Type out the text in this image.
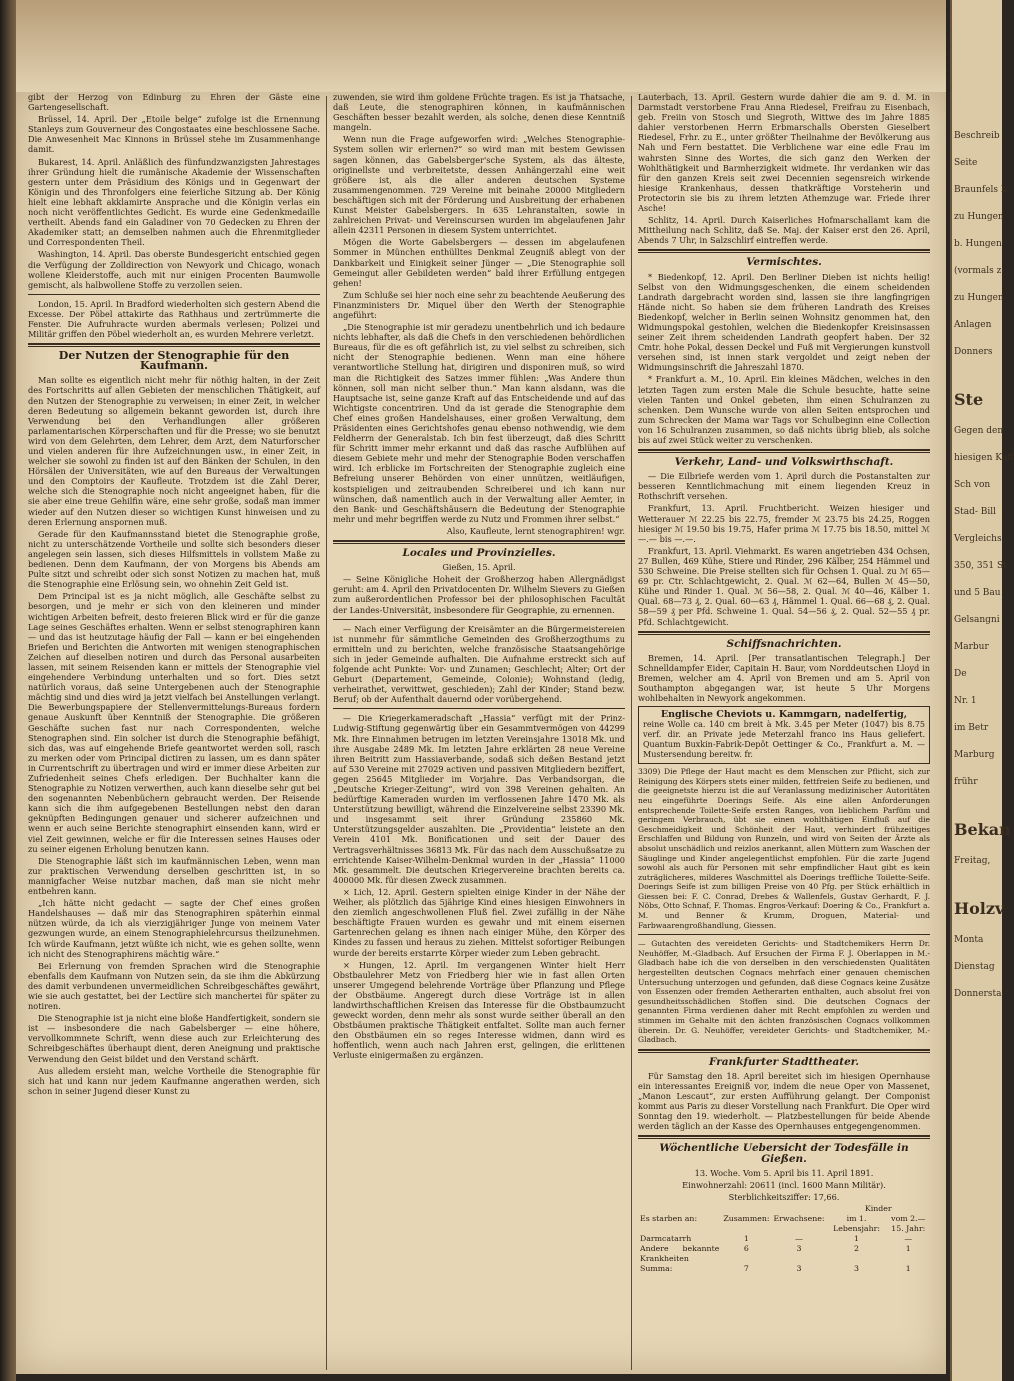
gibt der Herzog von Edinburg zu Ehren der Gäste eine Gartengesellschaft.

Brüssel, 14. April. Der „Etoile belge“ zufolge ist die Ernennung Stanleys zum Gouverneur des Congostaates eine beschlossene Sache. Die Anwesenheit Mac Kinnons in Brüssel stehe im Zusammenhange damit.

Bukarest, 14. April. Anläßlich des fünfundzwanzigsten Jahrestages ihrer Gründung hielt die rumänische Akademie der Wissenschaften gestern unter dem Präsidium des Königs und in Gegenwart der Königin und des Thronfolgers eine feierliche Sitzung ab. Der König hielt eine lebhaft akklamirte Ansprache und die Königin verlas ein noch nicht veröffentlichtes Gedicht. Es wurde eine Gedenkmedaille vertheilt. Abends fand ein Galadiner von 70 Gedecken zu Ehren der Akademiker statt; an demselben nahmen auch die Ehrenmitglieder und Correspondenten Theil.

Washington, 14. April. Das oberste Bundesgericht entschied gegen die Verfügung der Zolldirection von Newyork und Chicago, wonach wollene Kleiderstoffe, auch mit nur einigen Procenten Baumwolle gemischt, als halbwollene Stoffe zu verzollen seien.

London, 15. April. In Bradford wiederholten sich gestern Abend die Excesse. Der Pöbel attakirte das Rathhaus und zertrümmerte die Fenster. Die Aufruhracte wurden abermals verlesen; Polizei und Militär griffen den Pöbel wiederholt an, es wurden Mehrere verletzt.

Der Nutzen der Stenographie für den Kaufmann.

Man sollte es eigentlich nicht mehr für nöthig halten, in der Zeit des Fortschritts auf allen Gebieten der menschlichen Thätigkeit, auf den Nutzen der Stenographie zu verweisen; in einer Zeit, in welcher deren Bedeutung so allgemein bekannt geworden ist, durch ihre Verwendung bei den Verhandlungen aller größeren parlamentarischen Körperschaften und für die Presse; wo sie benutzt wird von dem Gelehrten, dem Lehrer, dem Arzt, dem Naturforscher und vielen anderen für ihre Aufzeichnungen usw., in einer Zeit, in welcher sie sowohl zu finden ist auf den Bänken der Schulen, in den Hörsälen der Universitäten, wie auf den Bureaus der Verwaltungen und den Comptoirs der Kaufleute. Trotzdem ist die Zahl Derer, welche sich die Stenographie noch nicht angeeignet haben, für die sie aber eine treue Gehilfin wäre, eine sehr große, sodaß man immer wieder auf den Nutzen dieser so wichtigen Kunst hinweisen und zu deren Erlernung anspornen muß.

Gerade für den Kaufmannsstand bietet die Stenographie große, nicht zu unterschätzende Vortheile und sollte sich besonders dieser angelegen sein lassen, sich dieses Hilfsmittels in vollstem Maße zu bedienen. Denn dem Kaufmann, der von Morgens bis Abends am Pulte sitzt und schreibt oder sich sonst Notizen zu machen hat, muß die Stenographie eine Erlösung sein, wo ohnehin Zeit Geld ist.

Dem Principal ist es ja nicht möglich, alle Geschäfte selbst zu besorgen, und je mehr er sich von den kleineren und minder wichtigen Arbeiten befreit, desto freieren Blick wird er für die ganze Lage seines Geschäftes erhalten. Wenn er selbst stenographiren kann — und das ist heutzutage häufig der Fall — kann er bei eingehenden Briefen und Berichten die Antworten mit wenigen stenographischen Zeichen auf dieselben notiren und durch das Personal ausarbeiten lassen, mit seinem Reisenden kann er mittels der Stenographie viel eingehendere Verbindung unterhalten und so fort. Dies setzt natürlich voraus, daß seine Untergebenen auch der Stenographie mächtig sind und dies wird ja jetzt vielfach bei Anstellungen verlangt. Die Bewerbungspapiere der Stellenvermittelungs-Bureaus fordern genaue Auskunft über Kenntniß der Stenographie. Die größeren Geschäfte suchen fast nur nach Correspondenten, welche Stenographen sind. Ein solcher ist durch die Stenographie befähigt, sich das, was auf eingehende Briefe geantwortet werden soll, rasch zu merken oder vom Principal dictiren zu lassen, um es dann später in Currentschrift zu übertragen und wird er immer diese Arbeiten zur Zufriedenheit seines Chefs erledigen. Der Buchhalter kann die Stenographie zu Notizen verwerthen, auch kann dieselbe sehr gut bei den sogenannten Nebenbüchern gebraucht werden. Der Reisende kann sich die ihm aufgegebenen Bestellungen nebst den daran geknüpften Bedingungen genauer und sicherer aufzeichnen und wenn er auch seine Berichte stenographirt einsenden kann, wird er viel Zeit gewinnen, welche er für die Interessen seines Hauses oder zu seiner eigenen Erholung benutzen kann.

Die Stenographie läßt sich im kaufmännischen Leben, wenn man zur praktischen Verwendung derselben geschritten ist, in so mannigfacher Weise nutzbar machen, daß man sie nicht mehr entbehren kann.

„Ich hätte nicht gedacht — sagte der Chef eines großen Handelshauses — daß mir das Stenographiren späterhin einmal nützen würde, da ich als vierzigjähriger Junge von meinem Vater gezwungen wurde, an einem Stenographielehrcursus theilzunehmen. Ich würde Kaufmann, jetzt wüßte ich nicht, wie es gehen sollte, wenn ich nicht des Stenographirens mächtig wäre.“

Bei Erlernung von fremden Sprachen wird die Stenographie ebenfalls dem Kaufmann von Nutzen sein, da sie ihm die Abkürzung des damit verbundenen unvermeidlichen Schreibgeschäftes gewährt, wie sie auch gestattet, bei der Lectüre sich manchertei für später zu notiren.

Die Stenographie ist ja nicht eine bloße Handfertigkeit, sondern sie ist — insbesondere die nach Gabelsberger — eine höhere, vervollkommnete Schrift, wenn diese auch zur Erleichterung des Schreibgeschäftes überhaupt dient, deren Aneignung und praktische Verwendung den Geist bildet und den Verstand schärft.

Aus alledem ersieht man, welche Vortheile die Stenographie für sich hat und kann nur jedem Kaufmanne angerathen werden, sich schon in seiner Jugend dieser Kunst zu

zuwenden, sie wird ihm goldene Früchte tragen. Es ist ja Thatsache, daß Leute, die stenographiren können, in kaufmännischen Geschäften besser bezahlt werden, als solche, denen diese Kenntniß mangeln.

Wenn nun die Frage aufgeworfen wird: „Welches Stenographie-System sollen wir erlernen?“ so wird man mit bestem Gewissen sagen können, das Gabelsberger'sche System, als das älteste, originellste und verbreitetste, dessen Anhängerzahl eine weit größere ist, als die aller anderen deutschen Systeme zusammengenommen. 729 Vereine mit beinahe 20000 Mitgliedern beschäftigen sich mit der Förderung und Ausbreitung der erhabenen Kunst Meister Gabelsbergers. In 635 Lehranstalten, sowie in zahlreichen Privat- und Vereinscursen wurden im abgelaufenen Jahr allein 42311 Personen in diesem System unterrichtet.

Mögen die Worte Gabelsbergers — dessen im abgelaufenen Sommer in München enthülltes Denkmal Zeugniß ablegt von der Dankbarkeit und Einigkeit seiner Jünger — „Die Stenographie soll Gemeingut aller Gebildeten werden“ bald ihrer Erfüllung entgegen gehen!

Zum Schluße sei hier noch eine sehr zu beachtende Aeußerung des Finanzministers Dr. Miquel über den Werth der Stenographie angeführt:

„Die Stenographie ist mir geradezu unentbehrlich und ich bedaure nichts lebhafter, als daß die Chefs in den verschiedenen behördlichen Bureaus, für die es oft gefährlich ist, zu viel selbst zu schreiben, sich nicht der Stenographie bedienen. Wenn man eine höhere verantwortliche Stellung hat, dirigiren und disponiren muß, so wird man die Richtigkeit des Satzes immer fühlen: „Was Andere thun können, soll man nicht selber thun.“ Man kann alsdann, was die Hauptsache ist, seine ganze Kraft auf das Entscheidende und auf das Wichtigste concentriren. Und da ist gerade die Stenographie dem Chef eines großen Handelshauses, einer großen Verwaltung, dem Präsidenten eines Gerichtshofes genau ebenso nothwendig, wie dem Feldherrn der Generalstab. Ich bin fest überzeugt, daß dies Schritt für Schritt immer mehr erkannt und daß das rasche Aufblühen auf diesem Gebiete mehr und mehr der Stenographie Boden verschaffen wird. Ich erblicke im Fortschreiten der Stenographie zugleich eine Befreiung unserer Behörden von einer unnützen, weitläufigen, kostspieligen und zeitraubenden Schreiberei und ich kann nur wünschen, daß namentlich auch in der Verwaltung aller Aemter, in den Bank- und Geschäftshäusern die Bedeutung der Stenographie mehr und mehr begriffen werde zu Nutz und Frommen ihrer selbst.“

Also, Kaufleute, lernt stenographiren! wgr.

Locales und Provinzielles.
Gießen, 15. April.

— Seine Königliche Hoheit der Großherzog haben Allergnädigst geruht: am 4. April den Privatdocenten Dr. Wilhelm Sievers zu Gießen zum außerordentlichen Professor bei der philosophischen Facultät der Landes-Universität, insbesondere für Geographie, zu ernennen.

— Nach einer Verfügung der Kreisämter an die Bürgermeistereien ist nunmehr für sämmtliche Gemeinden des Großherzogthums zu ermitteln und zu berichten, welche französische Staatsangehörige sich in jeder Gemeinde aufhalten. Die Aufnahme erstreckt sich auf folgende acht Punkte: Vor- und Zunamen; Geschlecht; Alter; Ort der Geburt (Departement, Gemeinde, Colonie); Wohnstand (ledig, verheirathet, verwittwet, geschieden); Zahl der Kinder; Stand bezw. Beruf; ob der Aufenthalt dauernd oder vorübergehend.

— Die Kriegerkameradschaft „Hassia“ verfügt mit der Prinz-Ludwig-Stiftung gegenwärtig über ein Gesammtvermögen von 44299 Mk. Ihre Einnahmen betrugen im letzten Vereinsjahre 13018 Mk. und ihre Ausgabe 2489 Mk. Im letzten Jahre erklärten 28 neue Vereine ihren Beitritt zum Hassiaverbande, sodaß sich deßen Bestand jetzt auf 530 Vereine mit 27029 activen und passiven Mitgliedern beziffert, gegen 25645 Mitglieder im Vorjahre. Das Verbandsorgan, die „Deutsche Krieger-Zeitung“, wird von 398 Vereinen gehalten. An bedürftige Kameraden wurden im verflossenen Jahre 1470 Mk. als Unterstützung bewilligt, während die Einzelvereine selbst 23390 Mk. und insgesammt seit ihrer Gründung 235860 Mk. Unterstützungsgelder auszahlten. Die „Providentia“ leistete an den Verein 4101 Mk. Bonificationen und seit der Dauer des Vertragsverhältnisses 36813 Mk. Für das nach dem Ausschußsatze zu errichtende Kaiser-Wilhelm-Denkmal wurden in der „Hassia“ 11000 Mk. gesammelt. Die deutschen Kriegervereine brachten bereits ca. 400000 Mk. für diesen Zweck zusammen.

× Lich, 12. April. Gestern spielten einige Kinder in der Nähe der Weiher, als plötzlich das 5jährige Kind eines hiesigen Einwohners in den ziemlich angeschwollenen Fluß fiel. Zwei zufällig in der Nähe beschäftigte Frauen wurden es gewahr und mit einem eisernen Gartenrechen gelang es ihnen nach einiger Mühe, den Körper des Kindes zu fassen und heraus zu ziehen. Mittelst sofortiger Reibungen wurde der bereits erstarrte Körper wieder zum Leben gebracht.

× Hungen, 12. April. Im vergangenen Winter hielt Herr Obstbaulehrer Metz von Friedberg hier wie in fast allen Orten unserer Umgegend belehrende Vorträge über Pflanzung und Pflege der Obstbäume. Angeregt durch diese Vorträge ist in allen landwirthschaftlichen Kreisen das Interesse für die Obstbaumzucht geweckt worden, denn mehr als sonst wurde seither überall an den Obstbäumen praktische Thätigkeit entfaltet. Sollte man auch ferner den Obstbäumen ein so reges Interesse widmen, dann wird es hoffentlich, wenn auch nach Jahren erst, gelingen, die erlittenen Verluste einigermaßen zu ergänzen.

Lauterbach, 13. April. Gestern wurde dahier die am 9. d. M. in Darmstadt verstorbene Frau Anna Riedesel, Freifrau zu Eisenbach, geb. Freiin von Stosch und Siegroth, Wittwe des im Jahre 1885 dahier verstorbenen Herrn Erbmarschalls Obersten Gieselbert Riedesel, Frhr. zu E., unter größter Theilnahme der Bevölkerung aus Nah und Fern bestattet. Die Verblichene war eine edle Frau im wahrsten Sinne des Wortes, die sich ganz den Werken der Wohlthätigkeit und Barmherzigkeit widmete. Ihr verdanken wir das für den ganzen Kreis seit zwei Decennien segensreich wirkende hiesige Krankenhaus, dessen thatkräftige Vorsteherin und Protectorin sie bis zu ihrem letzten Athemzuge war. Friede ihrer Asche!

Schlitz, 14. April. Durch Kaiserliches Hofmarschallamt kam die Mittheilung nach Schlitz, daß Se. Maj. der Kaiser erst den 26. April, Abends 7 Uhr, in Salzschlirf eintreffen werde.

Vermischtes.

* Biedenkopf, 12. April. Den Berliner Dieben ist nichts heilig! Selbst von den Widmungsgeschenken, die einem scheidenden Landrath dargebracht worden sind, lassen sie ihre langfingrigen Hände nicht. So haben sie dem früheren Landrath des Kreises Biedenkopf, welcher in Berlin seinen Wohnsitz genommen hat, den Widmungspokal gestohlen, welchen die Biedenkopfer Kreisinsassen seiner Zeit ihrem scheidenden Landrath geopfert haben. Der 32 Cmtr. hohe Pokal, dessen Deckel und Fuß mit Vergierungen kunstvoll versehen sind, ist innen stark vergoldet und zeigt neben der Widmungsinschrift die Jahreszahl 1870.

* Frankfurt a. M., 10. April. Ein kleines Mädchen, welches in den letzten Tagen zum ersten Male die Schule besuchte, hatte seine vielen Tanten und Onkel gebeten, ihm einen Schulranzen zu schenken. Dem Wunsche wurde von allen Seiten entsprochen und zum Schrecken der Mama war Tags vor Schulbeginn eine Collection von 16 Schulranzen zusammen, so daß nichts übrig blieb, als solche bis auf zwei Stück weiter zu verschenken.

Verkehr, Land- und Volkswirthschaft.

— Die Eilbriefe werden vom 1. April durch die Postanstalten zur besseren Kenntlichmachung mit einem liegenden Kreuz in Rothschrift versehen.

Frankfurt, 13. April. Fruchtbericht. Weizen hiesiger und Wetterauer ℳ 22.25 bis 22.75, fremder ℳ 23.75 bis 24.25, Roggen hiesiger ℳ 19.50 bis 19.75, Hafer prima ℳ 17.75 bis 18.50, mittel ℳ —.— bis —.—.

Frankfurt, 13. April. Viehmarkt. Es waren angetrieben 434 Ochsen, 27 Bullen, 469 Kühe, Stiere und Rinder, 296 Kälber, 254 Hämmel und 530 Schweine. Die Preise stellten sich für Ochsen 1. Qual. zu ℳ 65—69 pr. Ctr. Schlachtgewicht, 2. Qual. ℳ 62—64, Bullen ℳ 45—50, Kühe und Rinder 1. Qual. ℳ 56—58, 2. Qual. ℳ 40—46, Kälber 1. Qual. 68—73 ₰, 2. Qual. 60—63 ₰, Hämmel 1. Qual. 66—68 ₰, 2. Qual. 58—59 ₰ per Pfd. Schweine 1. Qual. 54—56 ₰, 2. Qual. 52—55 ₰ pr. Pfd. Schlachtgewicht.

Schiffsnachrichten.

Bremen, 14. April. [Per transatlantischen Telegraph.] Der Schnelldampfer Eider, Capitain H. Baur, vom Norddeutschen Lloyd in Bremen, welcher am 4. April von Bremen und am 5. April von Southampton abgegangen war, ist heute 5 Uhr Morgens wohlbehalten in Newyork angekommen.

Englische Cheviots u. Kammgarn, nadelfertig,
reine Wolle ca. 140 cm breit à Mk. 3.45 per Meter (1047) bis 8.75 verf. dir. an Private jede Meterzahl franco ins Haus geliefert. Quantum Buxkin-Fabrik-Depôt Oettinger & Co., Frankfurt a. M. — Mustersendung bereitw. fr.
3309) Die Pflege der Haut macht es dem Menschen zur Pflicht, sich zur Reinigung des Körpers stets einer milden, fettfreien Seife zu bedienen, und die geeignetste hierzu ist die auf Veranlassung medizinischer Autoritäten neu eingeführte Doerings Seife. Als eine allen Anforderungen entsprechende Toilette-Seife ersten Ranges, von lieblichem Parfüm und geringem Verbrauch, übt sie einen wohlthätigen Einfluß auf die Geschmeidigkeit und Schönheit der Haut, verhindert frühzeitiges Erschlaffen und Bildung von Runzeln, und wird von Seiten der Ärzte als absolut unschädlich und reizlos anerkannt, allen Müttern zum Waschen der Säuglinge und Kinder angelegentlichst empfohlen. Für die zarte Jugend sowohl als auch für Personen mit sehr empfindlicher Haut gibt es kein zuträglicheres, milderes Waschmittel als Doerings treffliche Toilette-Seife. Doerings Seife ist zum billigen Preise von 40 Pfg. per Stück erhältlich in Giessen bei: F. C. Conrad, Drebes & Wallenfels, Gustav Gerhardt, F. J. Nöbs, Otto Schnaf, F. Thomas. Engros-Verkauf: Doering & Co., Frankfurt a. M. und Benner & Krumm, Droguen, Material- und Farbwaarengroßhandlung, Giessen.
— Gutachten des vereideten Gerichts- und Stadtchemikers Herrn Dr. Neuhöffer, M.-Gladbach. Auf Ersuchen der Firma F. J. Oberlappen in M.-Gladbach habe ich die von derselben in den verschiedensten Qualitäten hergestellten deutschen Cognacs mehrfach einer genauen chemischen Untersuchung unterzogen und gefunden, daß diese Cognacs keine Zusätze von Essenzen oder fremden Aetherarten enthalten, auch absolut frei von gesundheitsschädlichen Stoffen sind. Die deutschen Cognacs der genannten Firma verdienen daher mit Recht empfohlen zu werden und stimmen im Gehalte mit den ächten französischen Cognacs vollkommen überein. Dr. G. Neuhöffer, vereideter Gerichts- und Stadtchemiker, M.-Gladbach.
Frankfurter Stadttheater.

Für Samstag den 18. April bereitet sich im hiesigen Opernhause ein interessantes Ereigniß vor, indem die neue Oper von Massenet, „Manon Lescaut“, zur ersten Aufführung gelangt. Der Componist kommt aus Paris zu dieser Vorstellung nach Frankfurt. Die Oper wird Sonntag den 19. wiederholt. — Platzbestellungen für beide Abende werden täglich an der Kasse des Opernhauses entgegengenommen.

Wöchentliche Uebersicht der Todesfälle in Gießen.
13. Woche. Vom 5. April bis 11. April 1891.
Einwohnerzahl: 20611 (incl. 1600 Mann Militär).
Sterblichkeitsziffer: 17,66.
			Kinder	
Es starben an:	Zusammen:	Erwachsene:	im 1. Lebensjahr:	vom 2.—15. Jahr:
Darmcatarrh	1	—	1	—
Andere bekannte Krankheiten	6	3	2	1
Summa:	7	3	3	1
Beschreib
Seite
Braunfels h
zu Hungen
b. Hungen
(vormals z
zu Hungen
Anlagen
Donners
Ste
Gegen den
hiesigen Kaff
Sch von
Stad- Bill
Vergleichs
350, 351 St
und 5 Bau
Gelsangni
Marbur
De
Nr. 1
im Betr
Marburg
frühr
Bekan
Freitag,
Holzv
Monta
Dienstag
Donnersta
